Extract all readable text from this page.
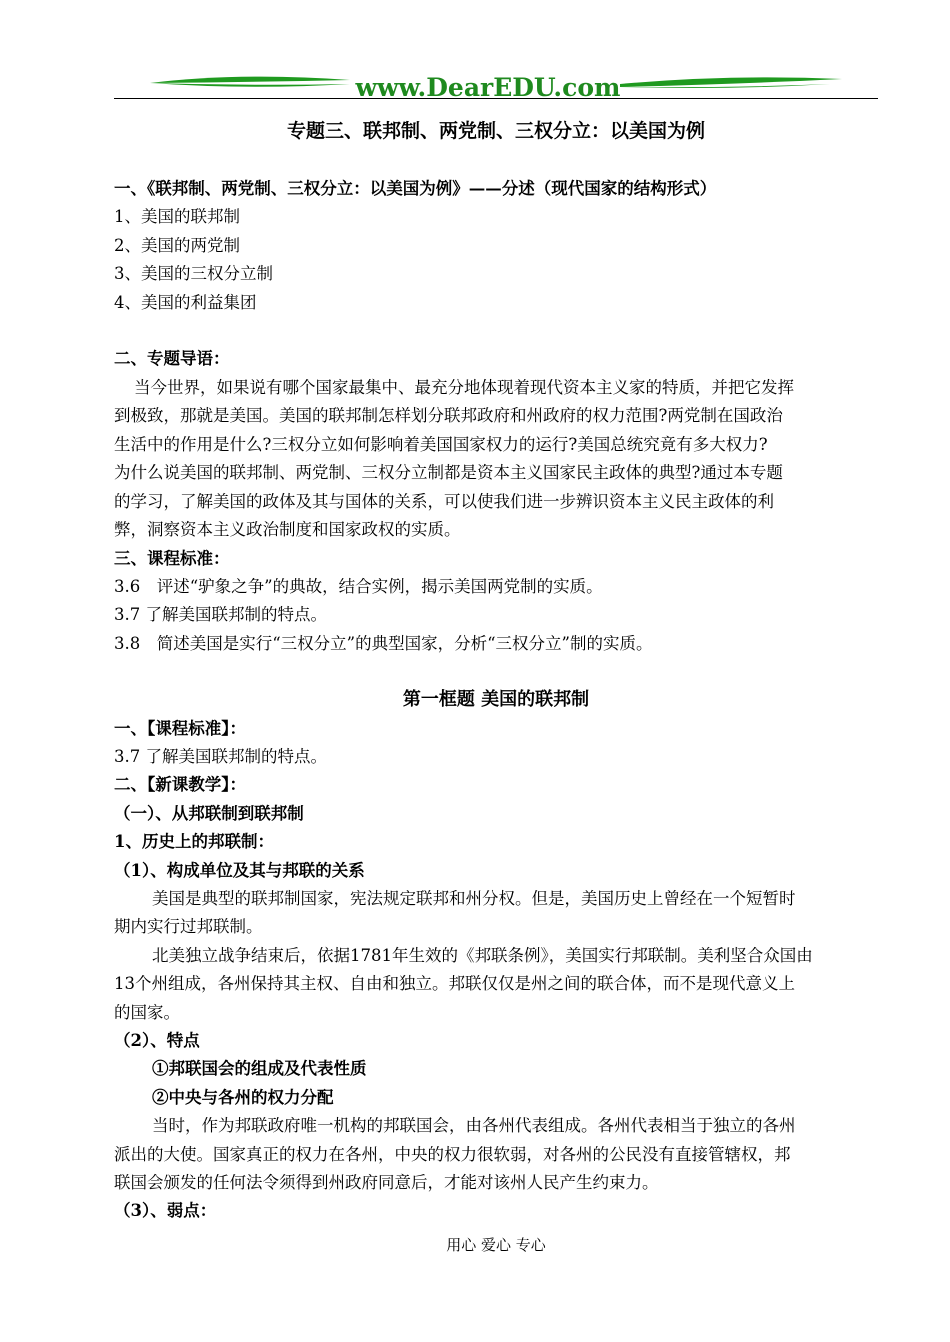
www.DearEDU.com
专题三、联邦制、两党制、三权分立：以美国为例
一、《联邦制、两党制、三权分立：以美国为例》——分述（现代国家的结构形式）
1、美国的联邦制
2、美国的两党制
3、美国的三权分立制
4、美国的利益集团
二、专题导语：
当今世界，如果说有哪个国家最集中、最充分地体现着现代资本主义家的特质，并把它发挥
到极致，那就是美国。美国的联邦制怎样划分联邦政府和州政府的权力范围?两党制在国政治
生活中的作用是什么?三权分立如何影响着美国国家权力的运行?美国总统究竟有多大权力?
为什么说美国的联邦制、两党制、三权分立制都是资本主义国家民主政体的典型?通过本专题
的学习，了解美国的政体及其与国体的关系，可以使我们进一步辨识资本主义民主政体的利
弊，洞察资本主义政治制度和国家政权的实质。
三、课程标准：
3.6　评述“驴象之争”的典故，结合实例，揭示美国两党制的实质。
3.7 了解美国联邦制的特点。
3.8　简述美国是实行“三权分立”的典型国家，分析“三权分立”制的实质。
第一框题 美国的联邦制
一、【课程标准】：
3.7 了解美国联邦制的特点。
二、【新课教学】：
（一）、从邦联制到联邦制
1、历史上的邦联制：
（1）、构成单位及其与邦联的关系
美国是典型的联邦制国家，宪法规定联邦和州分权。但是，美国历史上曾经在一个短暂时
期内实行过邦联制。
北美独立战争结束后，依据1781年生效的《邦联条例》，美国实行邦联制。美利坚合众国由
13个州组成，各州保持其主权、自由和独立。邦联仅仅是州之间的联合体，而不是现代意义上
的国家。
（2）、特点
①邦联国会的组成及代表性质
②中央与各州的权力分配
当时，作为邦联政府唯一机构的邦联国会，由各州代表组成。各州代表相当于独立的各州
派出的大使。国家真正的权力在各州，中央的权力很软弱，对各州的公民没有直接管辖权，邦
联国会颁发的任何法令须得到州政府同意后，才能对该州人民产生约束力。
（3）、弱点：
用心 爱心 专心
